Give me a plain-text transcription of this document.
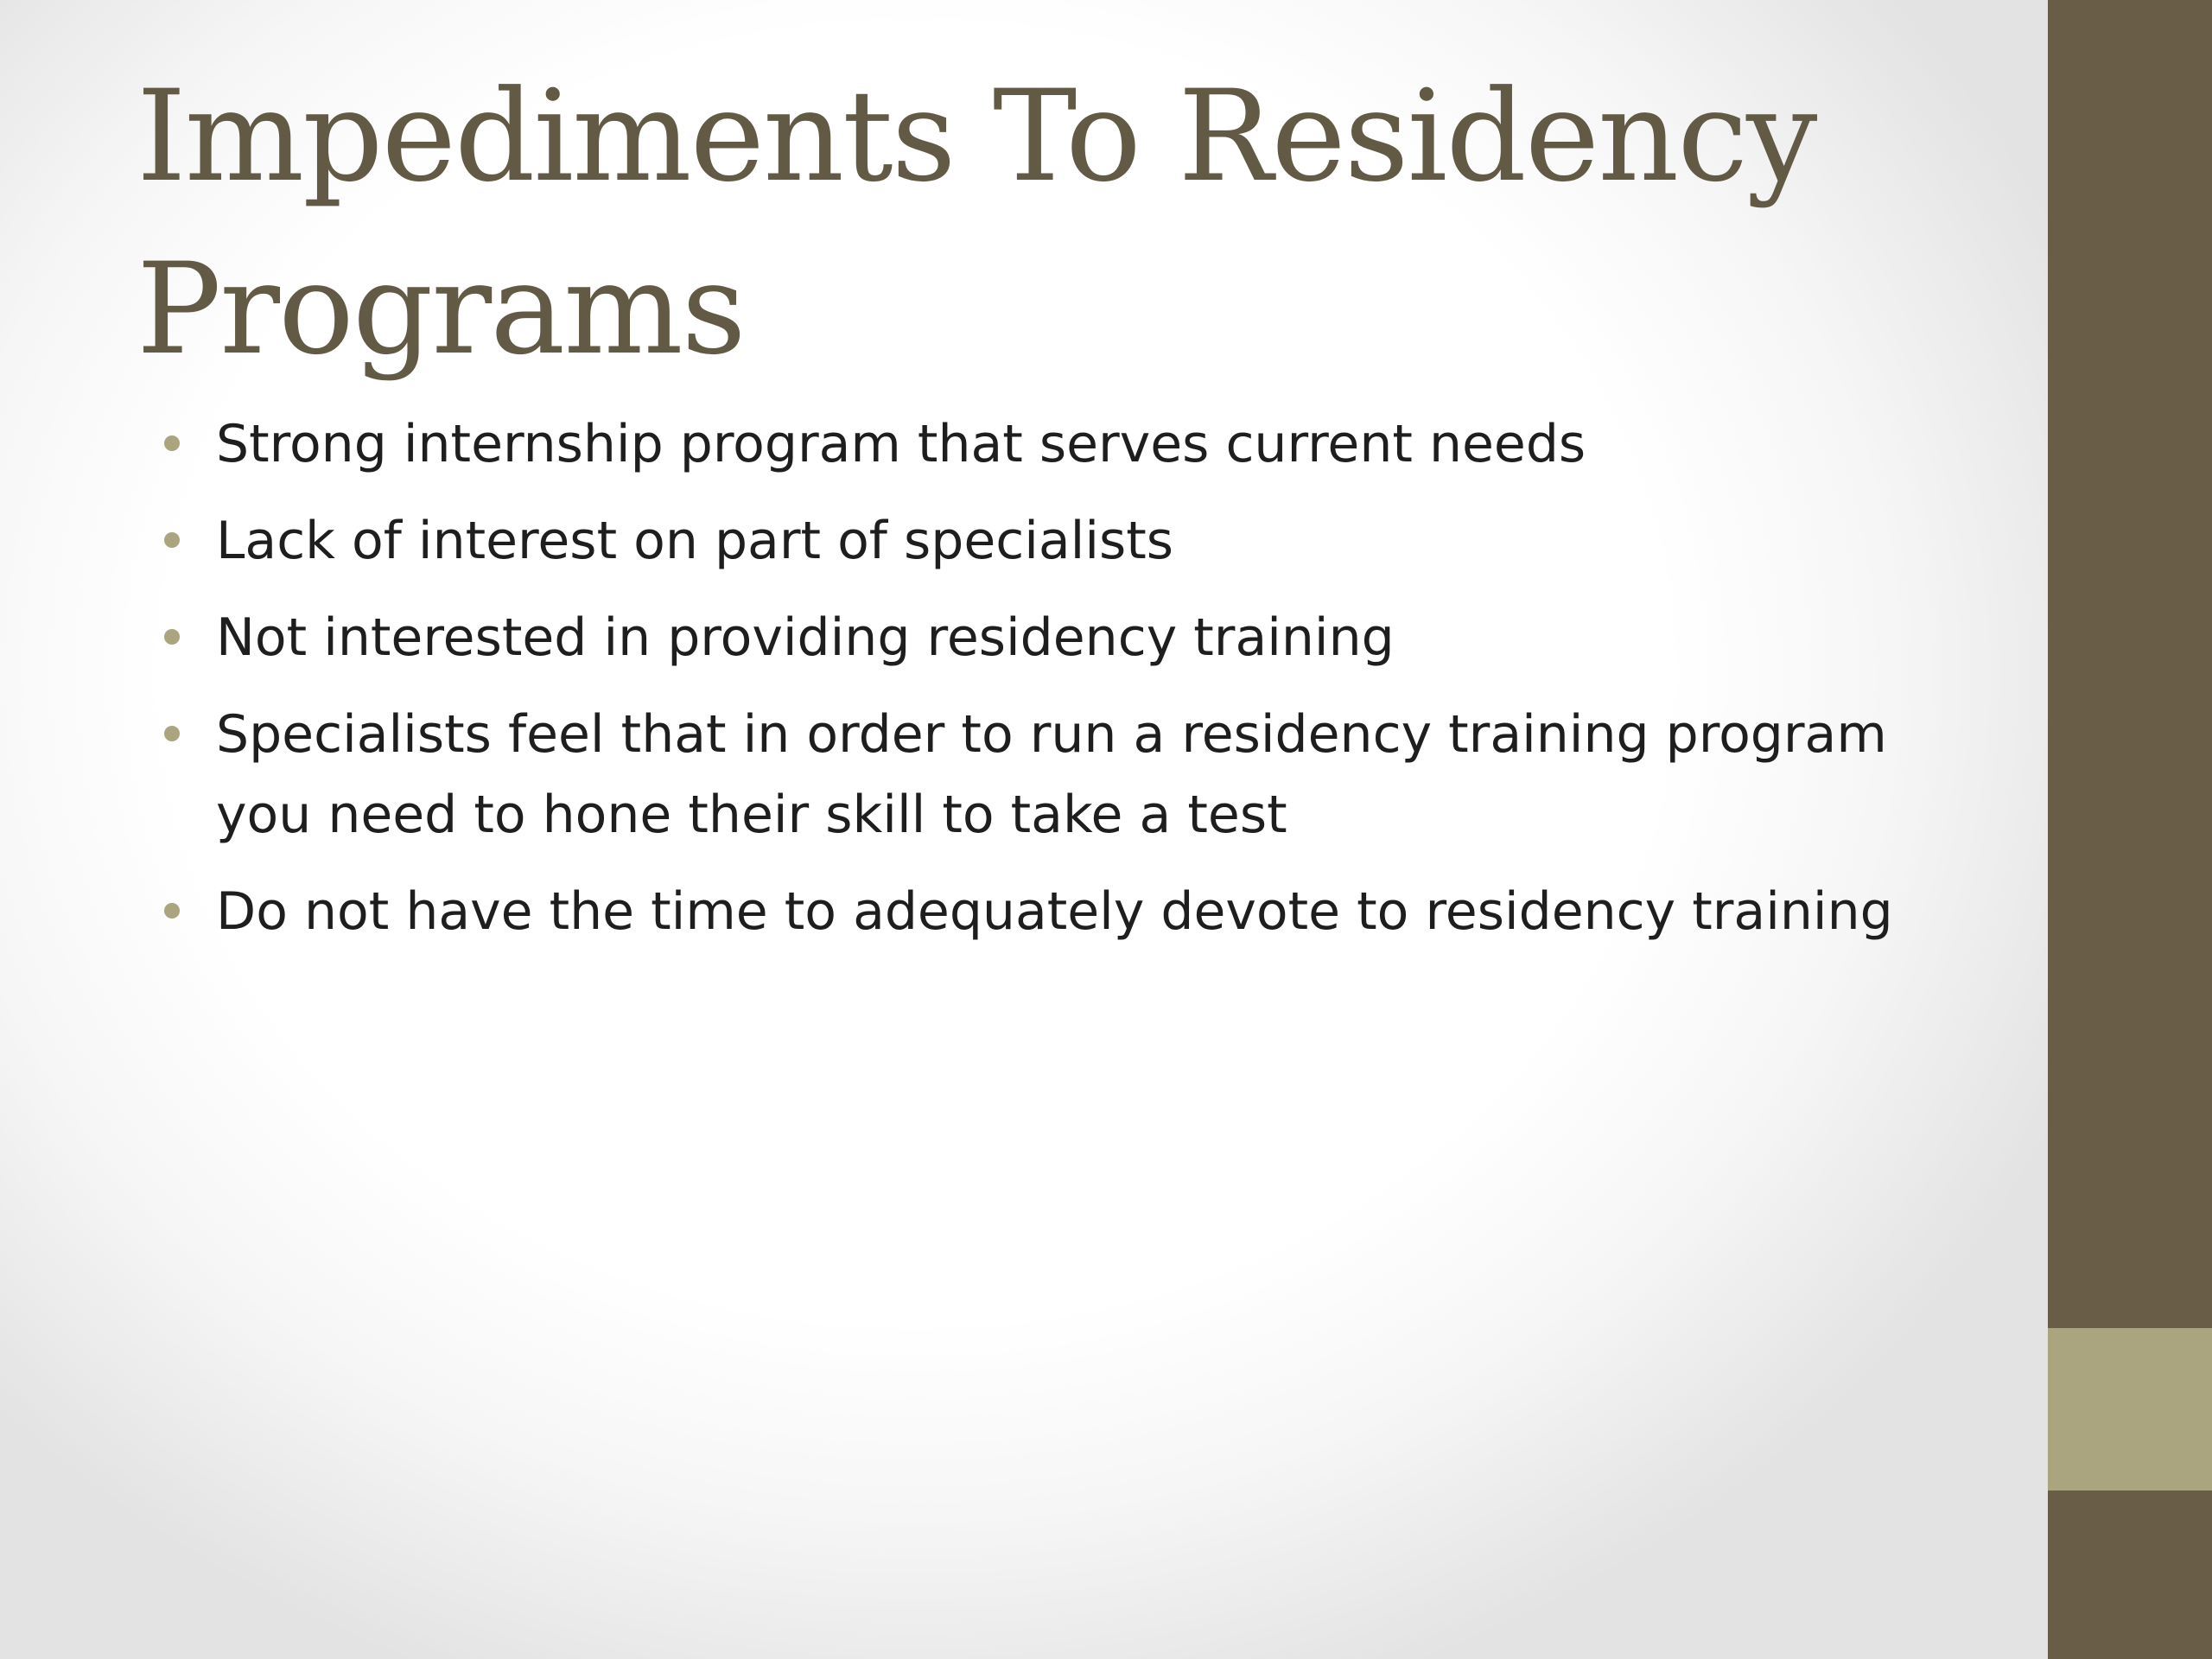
Impediments To Residency Programs
Strong internship program that serves current needs
Lack of interest on part of specialists
Not interested in providing residency training
Specialists feel that in order to run a residency training program you need to hone their skill to take a test
Do not have the time to adequately devote to residency training
